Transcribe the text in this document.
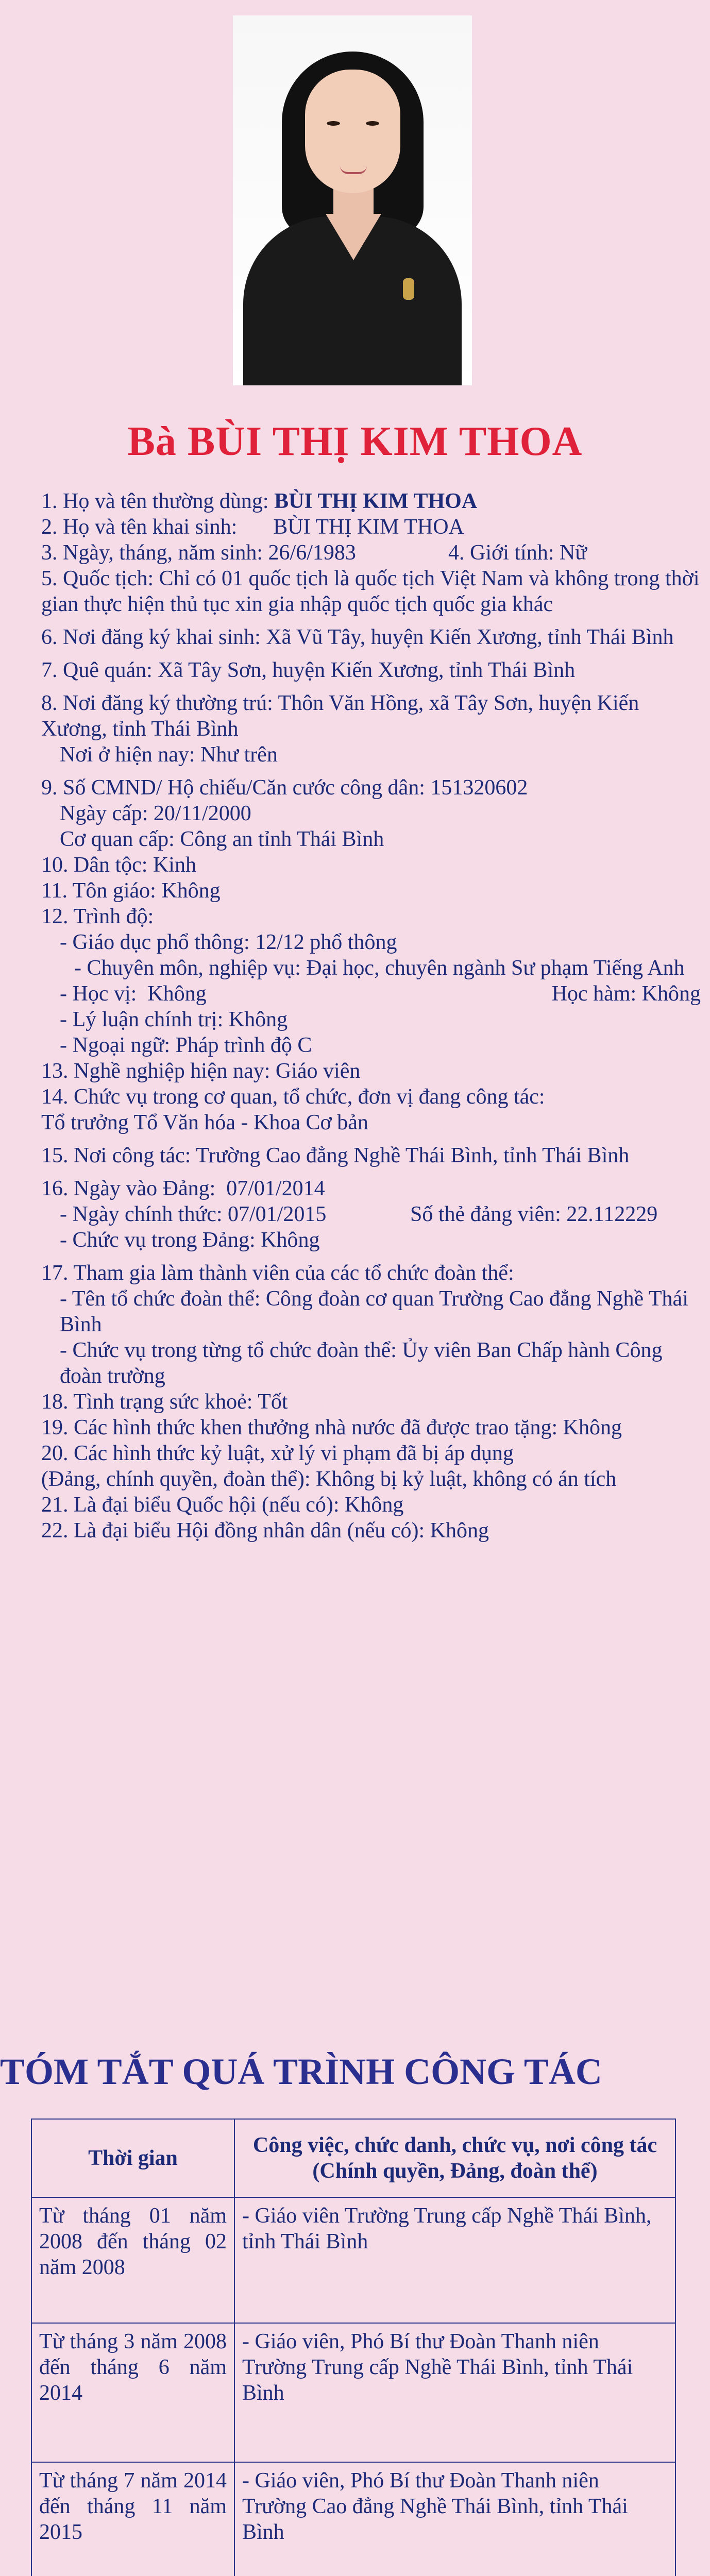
Bà BÙI THỊ KIM THOA

1. Họ và tên thường dùng: BÙI THỊ KIM THOA

2. Họ và tên khai sinh: BÙI THỊ KIM THOA

3. Ngày, tháng, năm sinh: 26/6/1983	4. Giới tính: Nữ

5. Quốc tịch: Chỉ có 01 quốc tịch là quốc tịch Việt Nam và không trong thời gian thực hiện thủ tục xin gia nhập quốc tịch quốc gia khác

6. Nơi đăng ký khai sinh: Xã Vũ Tây, huyện Kiến Xương, tỉnh Thái Bình

7. Quê quán: Xã Tây Sơn, huyện Kiến Xương, tỉnh Thái Bình

8. Nơi đăng ký thường trú: Thôn Văn Hồng, xã Tây Sơn, huyện Kiến Xương, tỉnh Thái Bình

Nơi ở hiện nay: Như trên

9. Số CMND/ Hộ chiếu/Căn cước công dân: 151320602

Ngày cấp: 20/11/2000

Cơ quan cấp: Công an tỉnh Thái Bình

10. Dân tộc: Kinh

11. Tôn giáo: Không

12. Trình độ:

- Giáo dục phổ thông: 12/12 phổ thông

- Chuyên môn, nghiệp vụ: Đại học, chuyên ngành Sư phạm Tiếng Anh

- Học vị:  Không	Học hàm: Không

- Lý luận chính trị: Không

- Ngoại ngữ: Pháp trình độ C

13. Nghề nghiệp hiện nay: Giáo viên

14. Chức vụ trong cơ quan, tổ chức, đơn vị đang công tác:

Tổ trưởng Tổ Văn hóa - Khoa Cơ bản

15. Nơi công tác: Trường Cao đẳng Nghề Thái Bình, tỉnh Thái Bình

16. Ngày vào Đảng:  07/01/2014

- Ngày chính thức: 07/01/2015	Số thẻ đảng viên: 22.112229

- Chức vụ trong Đảng: Không

17. Tham gia làm thành viên của các tổ chức đoàn thể:

- Tên tổ chức đoàn thể: Công đoàn cơ quan Trường Cao đẳng Nghề Thái Bình

- Chức vụ trong từng tổ chức đoàn thể: Ủy viên Ban Chấp hành Công đoàn trường

18. Tình trạng sức khoẻ: Tốt

19. Các hình thức khen thưởng nhà nước đã được trao tặng: Không

20. Các hình thức kỷ luật, xử lý vi phạm đã bị áp dụng

(Đảng, chính quyền, đoàn thể): Không bị kỷ luật, không có án tích

21. Là đại biểu Quốc hội (nếu có): Không

22. Là đại biểu Hội đồng nhân dân (nếu có): Không

TÓM TẮT QUÁ TRÌNH CÔNG TÁC
Thời gian	Công việc, chức danh, chức vụ, nơi công tác (Chính quyền, Đảng, đoàn thể)
Từ tháng 01 năm 2008 đến tháng 02 năm 2008	- Giáo viên Trường Trung cấp Nghề Thái Bình, tỉnh Thái Bình
Từ tháng 3 năm 2008 đến tháng 6 năm 2014	- Giáo viên, Phó Bí thư Đoàn Thanh niên Trường Trung cấp Nghề Thái Bình, tỉnh Thái Bình
Từ tháng 7 năm 2014 đến tháng 11 năm 2015	- Giáo viên, Phó Bí thư Đoàn Thanh niên Trường Cao đẳng Nghề Thái Bình, tỉnh Thái Bình
